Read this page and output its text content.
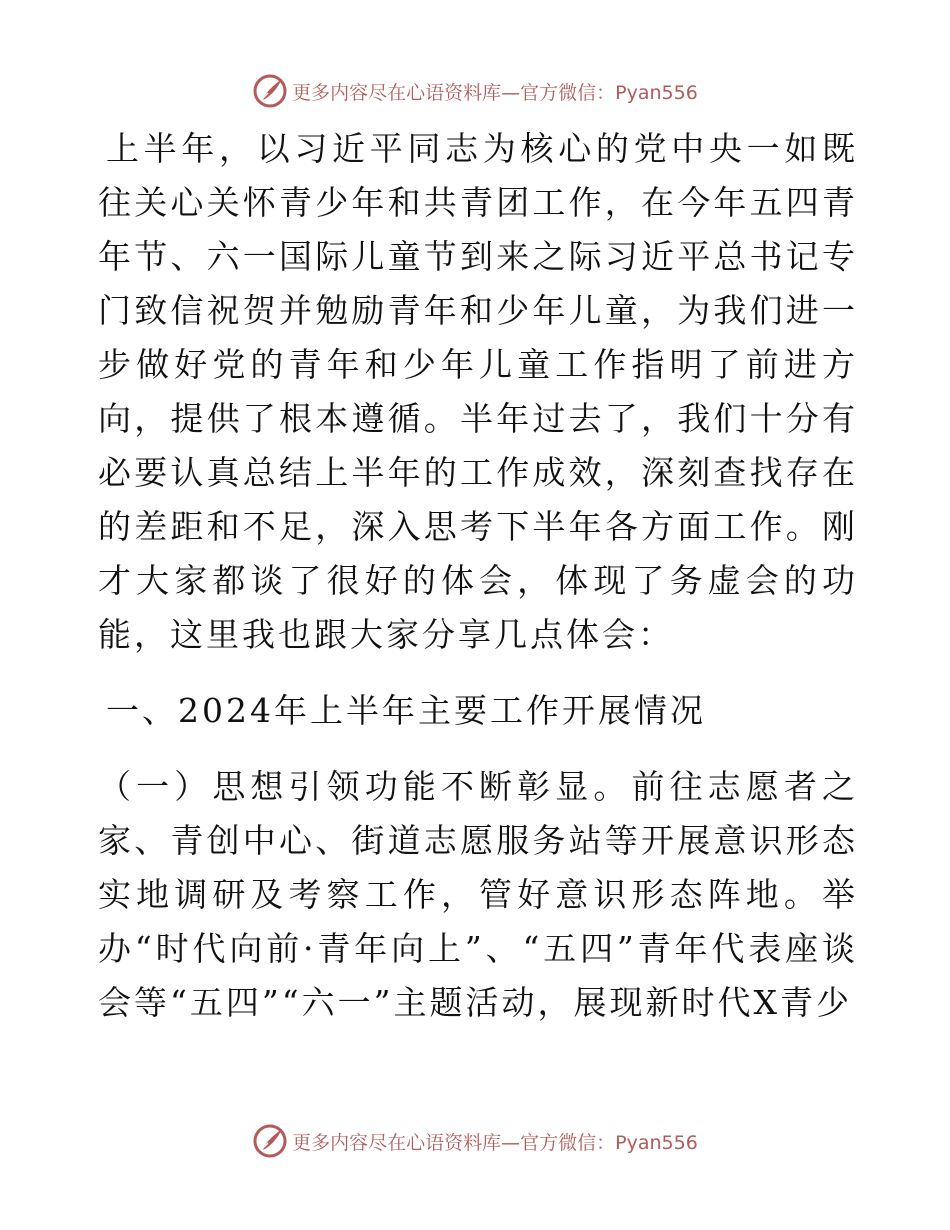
更多内容尽在心语资料库—官方微信：Pyan556

上半年，以习近平同志为核心的党中央一如既往关心关怀青少年和共青团工作，在今年五四青年节、六一国际儿童节到来之际习近平总书记专门致信祝贺并勉励青年和少年儿童，为我们进一步做好党的青年和少年儿童工作指明了前进方向，提供了根本遵循。半年过去了，我们十分有必要认真总结上半年的工作成效，深刻查找存在的差距和不足，深入思考下半年各方面工作。刚才大家都谈了很好的体会，体现了务虚会的功能，这里我也跟大家分享几点体会：

一、2024年上半年主要工作开展情况

（一）思想引领功能不断彰显。前往志愿者之家、青创中心、街道志愿服务站等开展意识形态实地调研及考察工作，管好意识形态阵地。举办“时代向前·青年向上”、“五四”青年代表座谈会等“五四”“六一”主题活动，展现新时代X青少

更多内容尽在心语资料库—官方微信：Pyan556
